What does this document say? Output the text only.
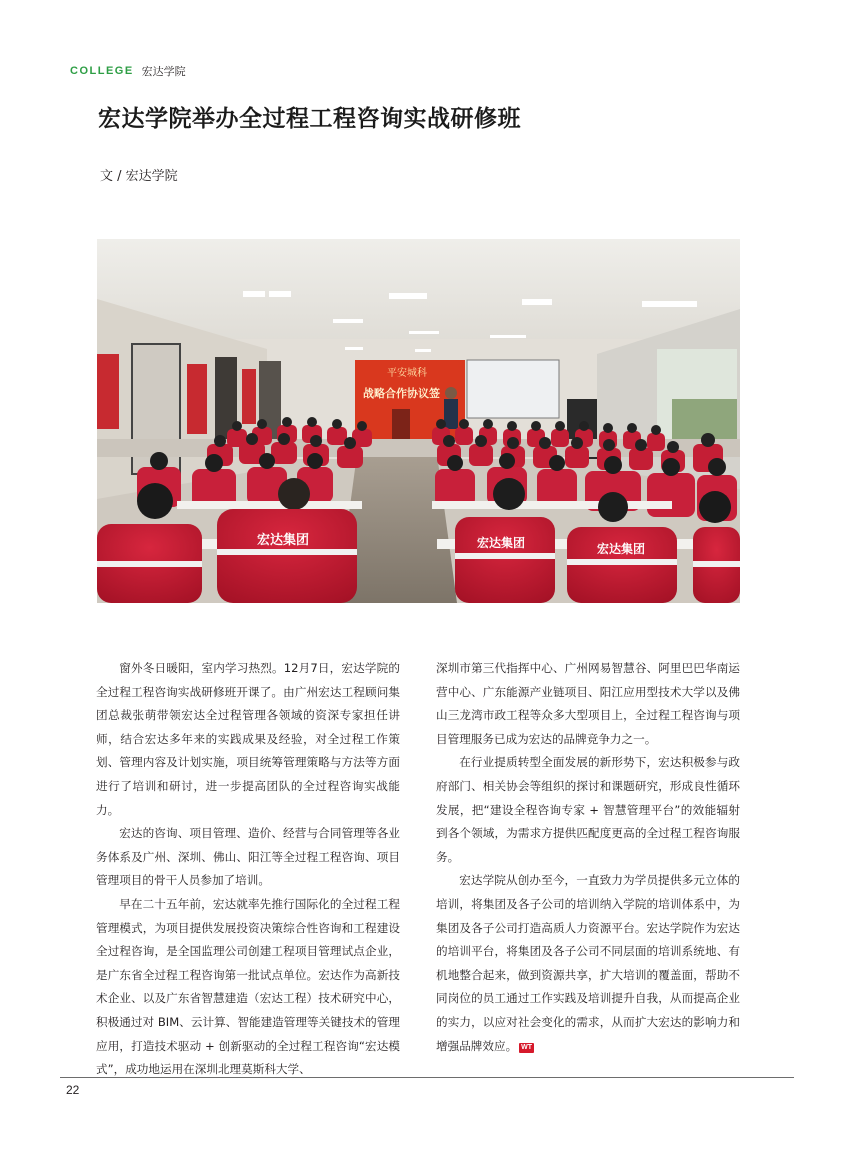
COLLEGE 宏达学院
宏达学院举办全过程工程咨询实战研修班
文 / 宏达学院
平安城科
战略合作协议签
宏达集团	宏达集团	宏达集团

窗外冬日暖阳，室内学习热烈。12月7日，宏达学院的全过程工程咨询实战研修班开课了。由广州宏达工程顾问集团总裁张萌带领宏达全过程管理各领域的资深专家担任讲师，结合宏达多年来的实践成果及经验，对全过程工作策划、管理内容及计划实施，项目统筹管理策略与方法等方面进行了培训和研讨，进一步提高团队的全过程咨询实战能力。

宏达的咨询、项目管理、造价、经营与合同管理等各业务体系及广州、深圳、佛山、阳江等全过程工程咨询、项目管理项目的骨干人员参加了培训。

早在二十五年前，宏达就率先推行国际化的全过程工程管理模式，为项目提供发展投资决策综合性咨询和工程建设全过程咨询，是全国监理公司创建工程项目管理试点企业，是广东省全过程工程咨询第一批试点单位。宏达作为高新技术企业、以及广东省智慧建造（宏达工程）技术研究中心，积极通过对 BIM、云计算、智能建造管理等关键技术的管理应用，打造技术驱动 + 创新驱动的全过程工程咨询“宏达模式”，成功地运用在深圳北理莫斯科大学、

深圳市第三代指挥中心、广州网易智慧谷、阿里巴巴华南运营中心、广东能源产业链项目、阳江应用型技术大学以及佛山三龙湾市政工程等众多大型项目上，全过程工程咨询与项目管理服务已成为宏达的品牌竞争力之一。

在行业提质转型全面发展的新形势下，宏达积极参与政府部门、相关协会等组织的探讨和课题研究，形成良性循环发展，把“建设全程咨询专家 + 智慧管理平台”的效能辐射到各个领域，为需求方提供匹配度更高的全过程工程咨询服务。

宏达学院从创办至今，一直致力为学员提供多元立体的培训，将集团及各子公司的培训纳入学院的培训体系中，为集团及各子公司打造高质人力资源平台。宏达学院作为宏达的培训平台，将集团及各子公司不同层面的培训系统地、有机地整合起来，做到资源共享，扩大培训的覆盖面，帮助不同岗位的员工通过工作实践及培训提升自我，从而提高企业的实力，以应对社会变化的需求，从而扩大宏达的影响力和增强品牌效应。 WT

22
